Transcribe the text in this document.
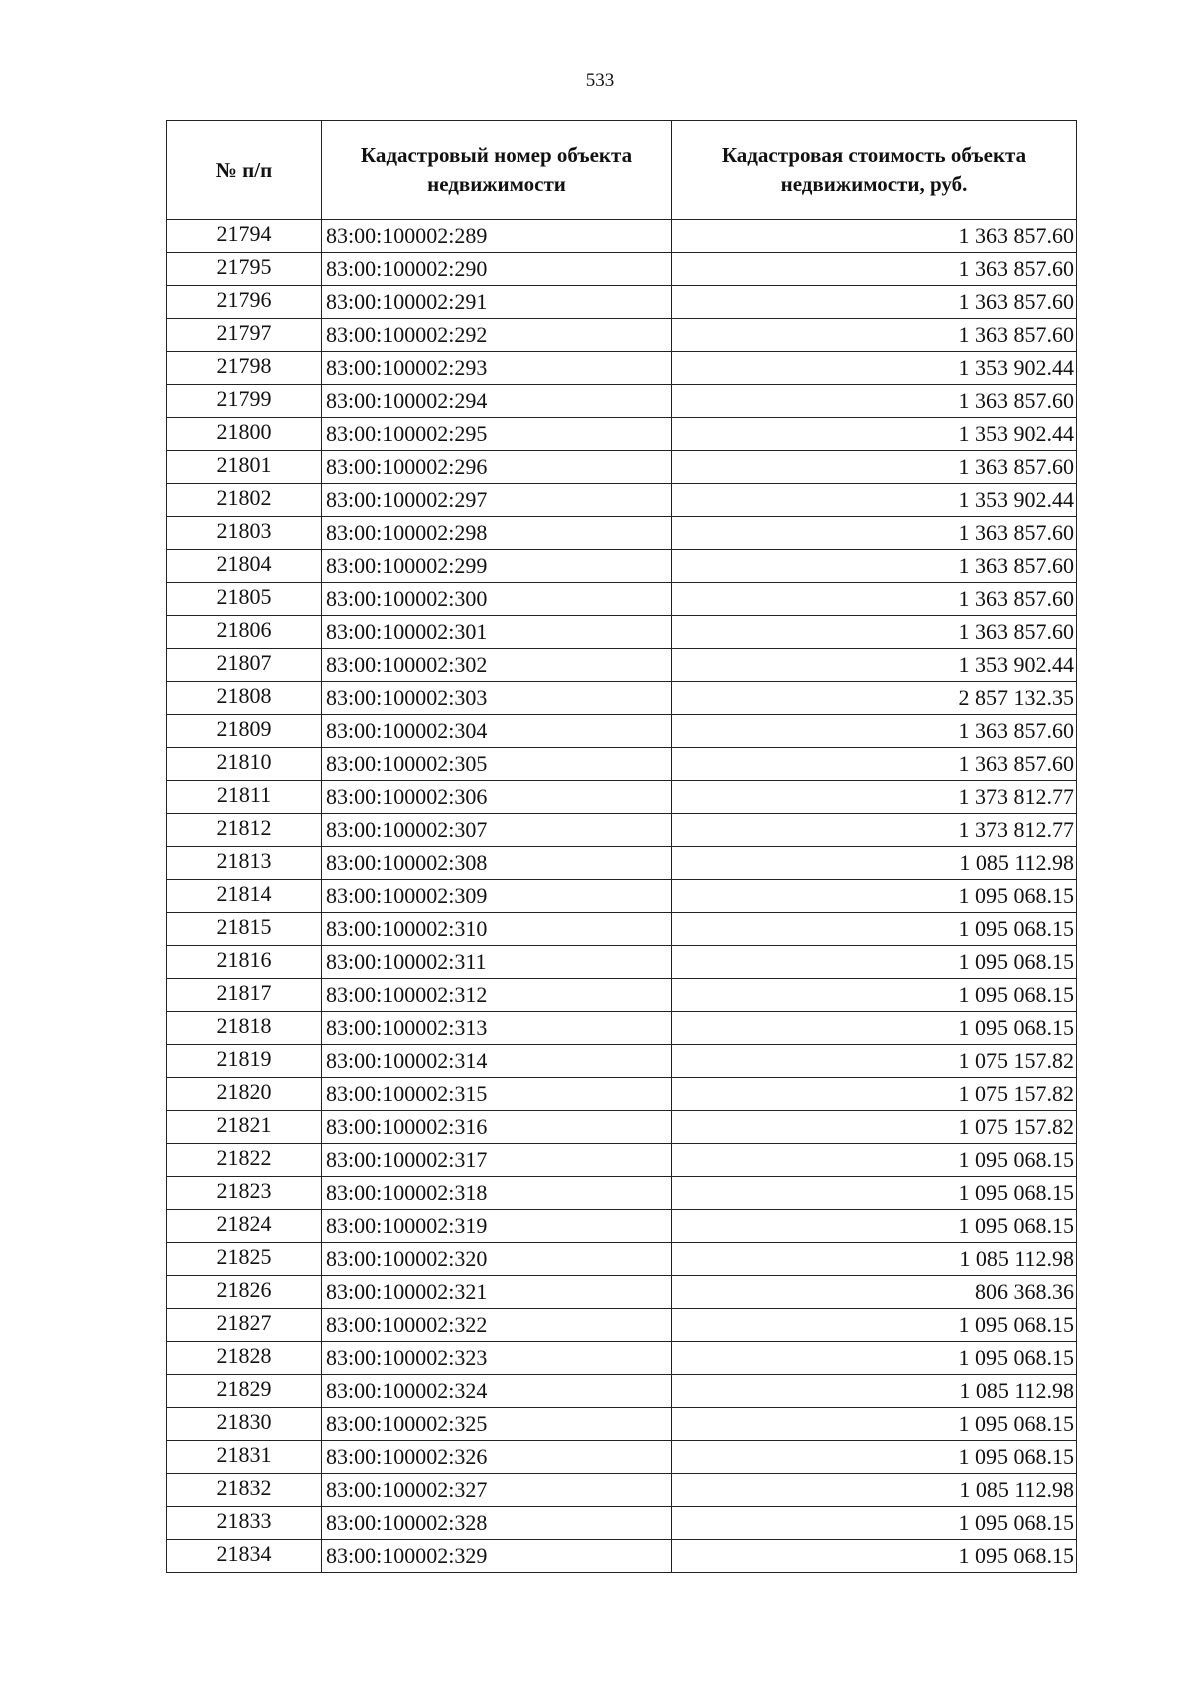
533
№ п/п	Кадастровый номер объекта недвижимости	Кадастровая стоимость объекта недвижимости, руб.
21794	83:00:100002:289	1 363 857.60
21795	83:00:100002:290	1 363 857.60
21796	83:00:100002:291	1 363 857.60
21797	83:00:100002:292	1 363 857.60
21798	83:00:100002:293	1 353 902.44
21799	83:00:100002:294	1 363 857.60
21800	83:00:100002:295	1 353 902.44
21801	83:00:100002:296	1 363 857.60
21802	83:00:100002:297	1 353 902.44
21803	83:00:100002:298	1 363 857.60
21804	83:00:100002:299	1 363 857.60
21805	83:00:100002:300	1 363 857.60
21806	83:00:100002:301	1 363 857.60
21807	83:00:100002:302	1 353 902.44
21808	83:00:100002:303	2 857 132.35
21809	83:00:100002:304	1 363 857.60
21810	83:00:100002:305	1 363 857.60
21811	83:00:100002:306	1 373 812.77
21812	83:00:100002:307	1 373 812.77
21813	83:00:100002:308	1 085 112.98
21814	83:00:100002:309	1 095 068.15
21815	83:00:100002:310	1 095 068.15
21816	83:00:100002:311	1 095 068.15
21817	83:00:100002:312	1 095 068.15
21818	83:00:100002:313	1 095 068.15
21819	83:00:100002:314	1 075 157.82
21820	83:00:100002:315	1 075 157.82
21821	83:00:100002:316	1 075 157.82
21822	83:00:100002:317	1 095 068.15
21823	83:00:100002:318	1 095 068.15
21824	83:00:100002:319	1 095 068.15
21825	83:00:100002:320	1 085 112.98
21826	83:00:100002:321	806 368.36
21827	83:00:100002:322	1 095 068.15
21828	83:00:100002:323	1 095 068.15
21829	83:00:100002:324	1 085 112.98
21830	83:00:100002:325	1 095 068.15
21831	83:00:100002:326	1 095 068.15
21832	83:00:100002:327	1 085 112.98
21833	83:00:100002:328	1 095 068.15
21834	83:00:100002:329	1 095 068.15
